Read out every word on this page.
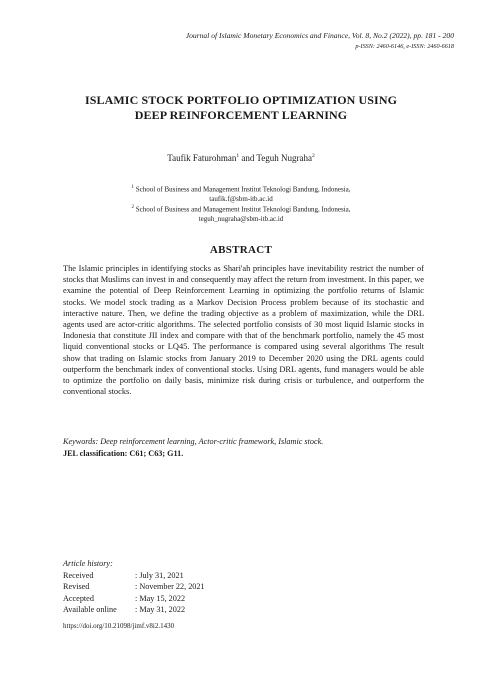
Journal of Islamic Monetary Economics and Finance, Vol. 8, No.2 (2022), pp. 181 - 200
p-ISSN: 2460-6146, e-ISSN: 2460-6618
ISLAMIC STOCK PORTFOLIO OPTIMIZATION USING
DEEP REINFORCEMENT LEARNING
Taufik Faturohman$^1$ and Teguh Nugraha$^2$
$^1$ School of Business and Management Institut Teknologi Bandung, Indonesia,
taufik.f@sbm-itb.ac.id
$^2$ School of Business and Management Institut Teknologi Bandung, Indonesia,
teguh_nugraha@sbm-itb.ac.id
ABSTRACT

The Islamic principles in identifying stocks as Shari'ah principles have inevitability restrict the number of stocks that Muslims can invest in and consequently may affect the return from investment. In this paper, we examine the potential of Deep Reinforcement Learning in optimizing the portfolio returns of Islamic stocks. We model stock trading as a Markov Decision Process problem because of its stochastic and interactive nature. Then, we define the trading objective as a problem of maximization, while the DRL agents used are actor-critic algorithms. The selected portfolio consists of 30 most liquid Islamic stocks in Indonesia that constitute JII index and compare with that of the benchmark portfolio, namely the 45 most liquid conventional stocks or LQ45. The performance is compared using several algorithms The result show that trading on Islamic stocks from January 2019 to December 2020 using the DRL agents could outperform the benchmark index of conventional stocks. Using DRL agents, fund managers would be able to optimize the portfolio on daily basis, minimize risk during crisis or turbulence, and outperform the conventional stocks.

Keywords: Deep reinforcement learning, Actor-critic framework, Islamic stock.
JEL classification: C61; C63; G11.
Article history:
Received	: July 31, 2021
Revised	: November 22, 2021
Accepted	: May 15, 2022
Available online	: May 31, 2022
https://doi.org/10.21098/jimf.v8i2.1430
